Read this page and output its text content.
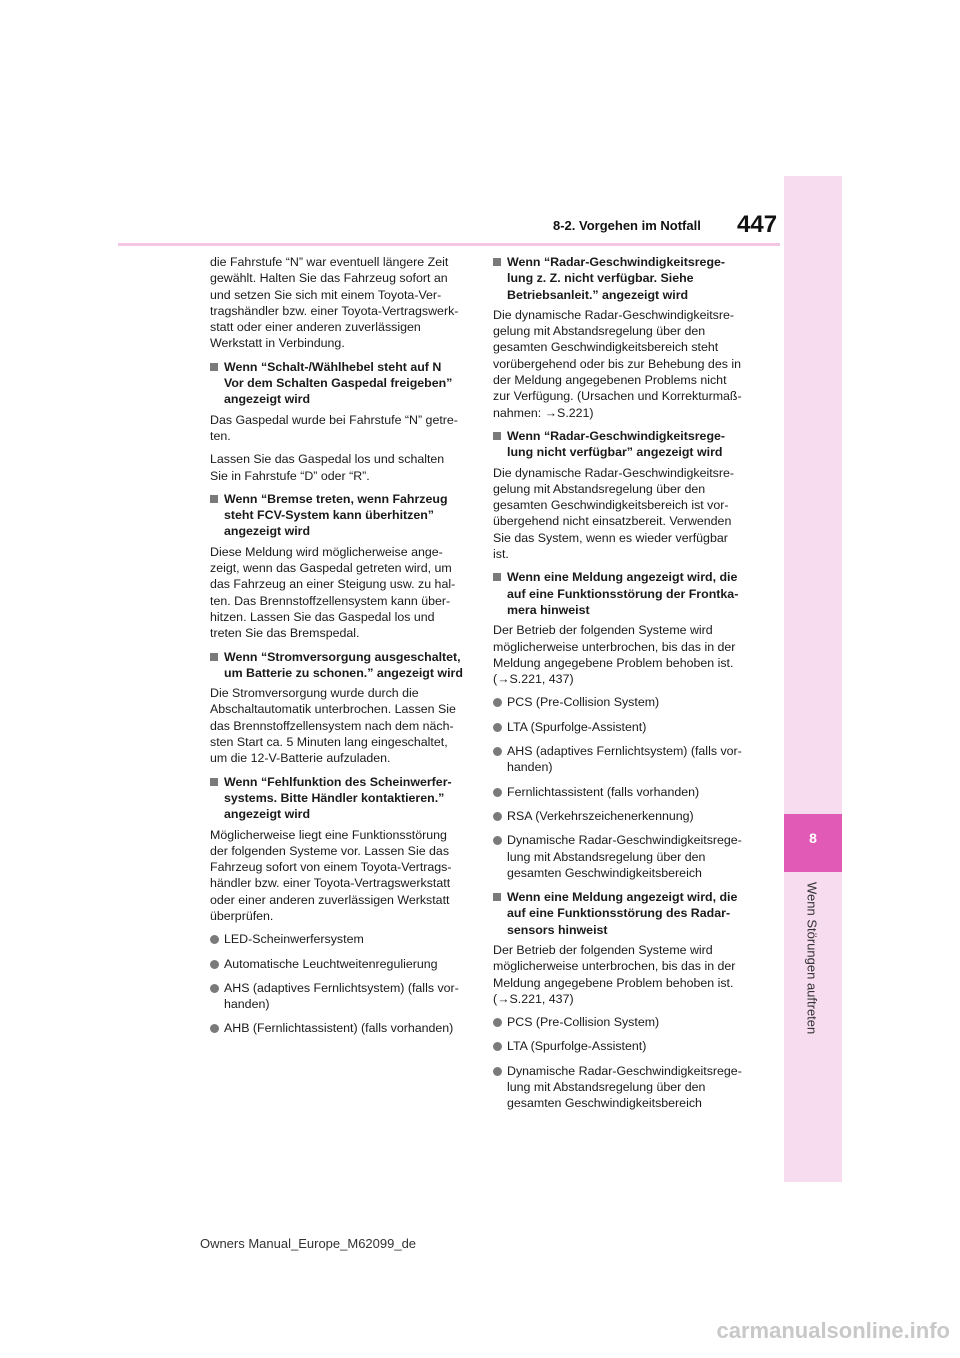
8
Wenn Störungen auftreten
8-2. Vorgehen im Notfall 447

die Fahrstufe “N” war eventuell längere Zeit gewählt. Halten Sie das Fahrzeug sofort an und setzen Sie sich mit einem Toyota-Vertragshändler bzw. einer Toyota-Vertragswerkstatt oder einer anderen zuverlässigen Werkstatt in Verbindung.

Wenn “Schalt-/Wählhebel steht auf N Vor dem Schalten Gaspedal freigeben” angezeigt wird

Das Gaspedal wurde bei Fahrstufe “N” getreten.

Lassen Sie das Gaspedal los und schalten Sie in Fahrstufe “D” oder “R”.

Wenn “Bremse treten, wenn Fahrzeug steht FCV-System kann überhitzen” angezeigt wird

Diese Meldung wird möglicherweise angezeigt, wenn das Gaspedal getreten wird, um das Fahrzeug an einer Steigung usw. zu halten. Das Brennstoffzellensystem kann überhitzen. Lassen Sie das Gaspedal los und treten Sie das Bremspedal.

Wenn “Stromversorgung ausgeschaltet, um Batterie zu schonen.” angezeigt wird

Die Stromversorgung wurde durch die Abschaltautomatik unterbrochen. Lassen Sie das Brennstoffzellensystem nach dem nächsten Start ca. 5 Minuten lang eingeschaltet, um die 12-V-Batterie aufzuladen.

Wenn “Fehlfunktion des Scheinwerfersystems. Bitte Händler kontaktieren.” angezeigt wird

Möglicherweise liegt eine Funktionsstörung der folgenden Systeme vor. Lassen Sie das Fahrzeug sofort von einem Toyota-Vertragshändler bzw. einer Toyota-Vertragswerkstatt oder einer anderen zuverlässigen Werkstatt überprüfen.

LED-Scheinwerfersystem
Automatische Leuchtweitenregulierung
AHS (adaptives Fernlichtsystem) (falls vorhanden)
AHB (Fernlichtassistent) (falls vorhanden)
Wenn “Radar-Geschwindigkeitsregelung z. Z. nicht verfügbar. Siehe Betriebsanleit.” angezeigt wird

Die dynamische Radar-Geschwindigkeitsregelung mit Abstandsregelung über den gesamten Geschwindigkeitsbereich steht vorübergehend oder bis zur Behebung des in der Meldung angegebenen Problems nicht zur Verfügung. (Ursachen und Korrekturmaßnahmen: →S.221)

Wenn “Radar-Geschwindigkeitsregelung nicht verfügbar” angezeigt wird

Die dynamische Radar-Geschwindigkeitsregelung mit Abstandsregelung über den gesamten Geschwindigkeitsbereich ist vorübergehend nicht einsatzbereit. Verwenden Sie das System, wenn es wieder verfügbar ist.

Wenn eine Meldung angezeigt wird, die auf eine Funktionsstörung der Frontkamera hinweist

Der Betrieb der folgenden Systeme wird möglicherweise unterbrochen, bis das in der Meldung angegebene Problem behoben ist. (→S.221, 437)

PCS (Pre-Collision System)
LTA (Spurfolge-Assistent)
AHS (adaptives Fernlichtsystem) (falls vorhanden)
Fernlichtassistent (falls vorhanden)
RSA (Verkehrszeichenerkennung)
Dynamische Radar-Geschwindigkeitsregelung mit Abstandsregelung über den gesamten Geschwindigkeitsbereich
Wenn eine Meldung angezeigt wird, die auf eine Funktionsstörung des Radarsensors hinweist

Der Betrieb der folgenden Systeme wird möglicherweise unterbrochen, bis das in der Meldung angegebene Problem behoben ist. (→S.221, 437)

PCS (Pre-Collision System)
LTA (Spurfolge-Assistent)
Dynamische Radar-Geschwindigkeitsregelung mit Abstandsregelung über den gesamten Geschwindigkeitsbereich
Owners Manual_Europe_M62099_de
carmanualsonline.info
